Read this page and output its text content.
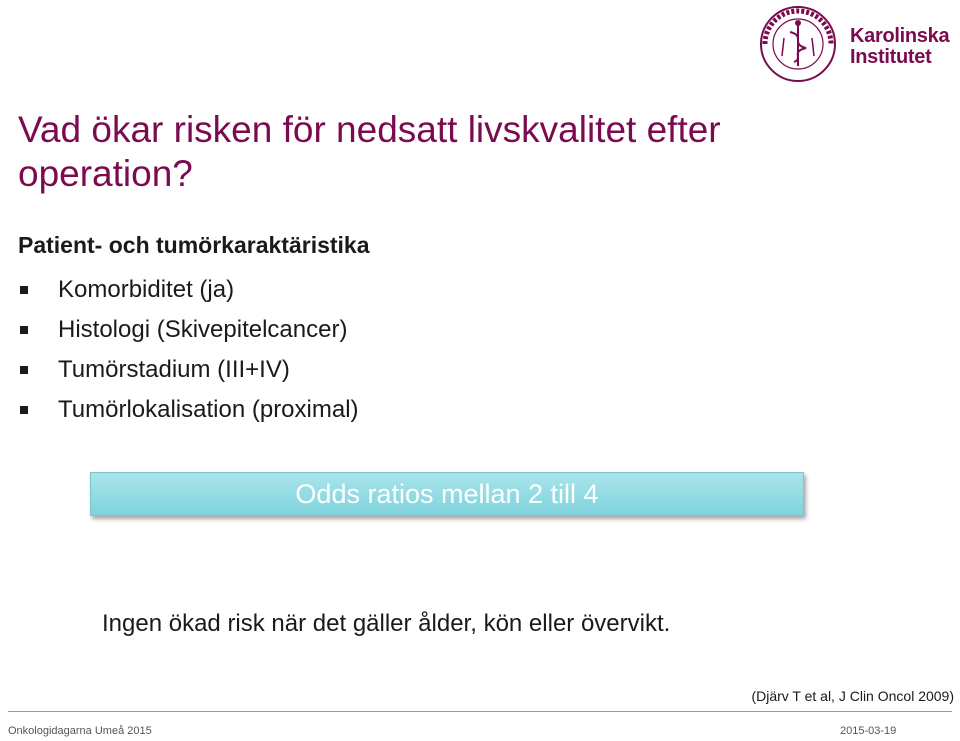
Karolinska
Institutet
Vad ökar risken för nedsatt livskvalitet efter operation?

Patient- och tumörkaraktäristika

Komorbiditet (ja)
Histologi (Skivepitelcancer)
Tumörstadium (III+IV)
Tumörlokalisation (proximal)
Odds ratios mellan 2 till 4

Ingen ökad risk när det gäller ålder, kön eller övervikt.

(Djärv T et al, J Clin Oncol 2009)

Onkologidagarna Umeå 2015	2015-03-19
